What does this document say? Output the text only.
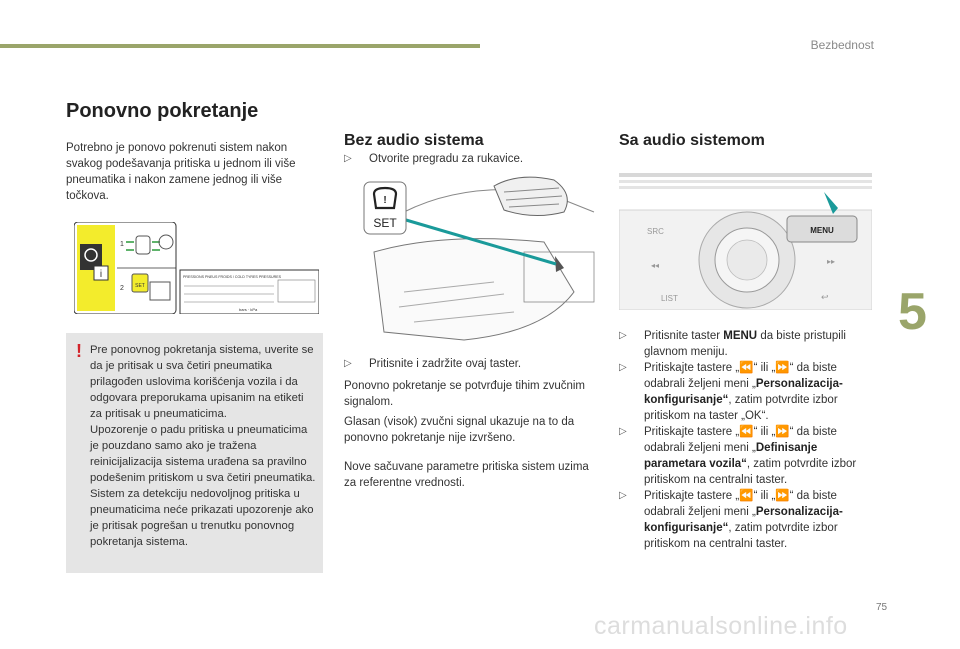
Bezbednost
5
75
carmanualsonline.info
Ponovno pokretanje

Potrebno je ponovo pokrenuti sistem nakon svakog podešavanja pritiska u jednom ili više pneumatika i nakon zamene jednog ili više točkova.

i
1
2 SET
PRESSIONS PNEUS FROIDS / COLD TYRES PRESSURES
bars · kPa
! Pre ponovnog pokretanja sistema, uverite se da je pritisak u sva četiri pneumatika prilagođen uslovima korišćenja vozila i da odgovara preporukama upisanim na etiketi za pritisak u pneumaticima.
Upozorenje o padu pritiska u pneumaticima je pouzdano samo ako je tražena reinicijalizacija sistema urađena sa pravilno podešenim pritiskom u sva četiri pneumatika.
Sistem za detekciju nedovoljnog pritiska u pneumaticima neće prikazati upozorenje ako je pritisak pogrešan u trenutku ponovnog pokretanja sistema.
Bez audio sistema
▷	Otvorite pregradu za rukavice.
!
SET
▷	Pritisnite i zadržite ovaj taster.

Ponovno pokretanje se potvrđuje tihim zvučnim signalom.

Glasan (visok) zvučni signal ukazuje na to da ponovno pokretanje nije izvršeno.

Nove sačuvane parametre pritiska sistem uzima za referentne vrednosti.

Sa audio sistemom
SRC
◂◂
LIST
▸▸
↩
MENU
▷	Pritisnite taster MENU da biste pristupili glavnom meniju.
▷	Pritiskajte tastere „⏪“ ili „⏩“ da biste odabrali željeni meni „Personalizacija-konfigurisanje“, zatim potvrdite izbor pritiskom na taster „OK“.
▷	Pritiskajte tastere „⏪“ ili „⏩“ da biste odabrali željeni meni „Definisanje parametara vozila“, zatim potvrdite izbor pritiskom na centralni taster.
▷	Pritiskajte tastere „⏪“ ili „⏩“ da biste odabrali željeni meni „Personalizacija-konfigurisanje“, zatim potvrdite izbor pritiskom na centralni taster.
